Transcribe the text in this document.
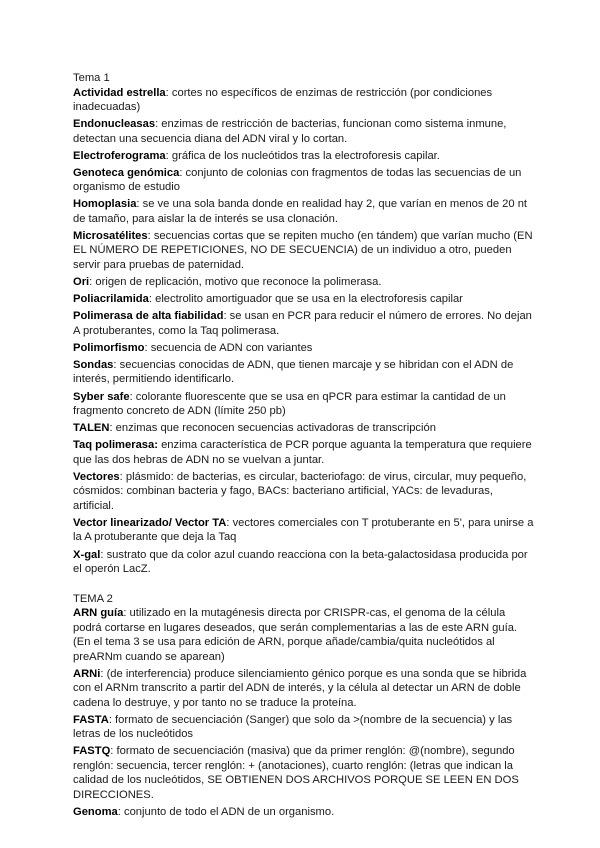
Tema 1

Actividad estrella: cortes no específicos de enzimas de restricción (por condiciones inadecuadas)

Endonucleasas: enzimas de restricción de bacterias, funcionan como sistema inmune, detectan una secuencia diana del ADN viral y lo cortan.

Electroferograma: gráfica de los nucleótidos tras la electroforesis capilar.

Genoteca genómica: conjunto de colonias con fragmentos de todas las secuencias de un organismo de estudio

Homoplasia: se ve una sola banda donde en realidad hay 2, que varían en menos de 20 nt de tamaño, para aislar la de interés se usa clonación.

Microsatélites: secuencias cortas que se repiten mucho (en tándem) que varían mucho (EN EL NÚMERO DE REPETICIONES, NO DE SECUENCIA) de un individuo a otro, pueden servir para pruebas de paternidad.

Ori: origen de replicación, motivo que reconoce la polimerasa.

Poliacrilamida: electrolito amortiguador que se usa en la electroforesis capilar

Polimerasa de alta fiabilidad: se usan en PCR para reducir el número de errores. No dejan A protuberantes, como la Taq polimerasa.

Polimorfismo: secuencia de ADN con variantes

Sondas: secuencias conocidas de ADN, que tienen marcaje y se hibridan con el ADN de interés, permitiendo identificarlo.

Syber safe: colorante fluorescente que se usa en qPCR para estimar la cantidad de un fragmento concreto de ADN (límite 250 pb)

TALEN: enzimas que reconocen secuencias activadoras de transcripción

Taq polimerasa: enzima característica de PCR porque aguanta la temperatura que requiere que las dos hebras de ADN no se vuelvan a juntar.

Vectores: plásmido: de bacterias, es circular, bacteriofago: de virus, circular, muy pequeño, cósmidos: combinan bacteria y fago, BACs: bacteriano artificial, YACs: de levaduras, artificial.

Vector linearizado/ Vector TA: vectores comerciales con T protuberante en 5', para unirse a la A protuberante que deja la Taq

X-gal: sustrato que da color azul cuando reacciona con la beta-galactosidasa producida por el operón LacZ.

TEMA 2

ARN guía: utilizado en la mutagénesis directa por CRISPR-cas, el genoma de la célula podrá cortarse en lugares deseados, que serán complementarias a las de este ARN guía. (En el tema 3 se usa para edición de ARN, porque añade/cambia/quita nucleótidos al preARNm cuando se aparean)

ARNi: (de interferencia) produce silenciamiento génico porque es una sonda que se hibrida con el ARNm transcrito a partir del ADN de interés, y la célula al detectar un ARN de doble cadena lo destruye, y por tanto no se traduce la proteína.

FASTA: formato de secuenciación (Sanger) que solo da >(nombre de la secuencia) y las letras de los nucleótidos

FASTQ: formato de secuenciación (masiva) que da primer renglón: @(nombre), segundo renglón: secuencia, tercer renglón: + (anotaciones), cuarto renglón: (letras que indican la calidad de los nucleótidos, SE OBTIENEN DOS ARCHIVOS PORQUE SE LEEN EN DOS DIRECCIONES.

Genoma: conjunto de todo el ADN de un organismo.
